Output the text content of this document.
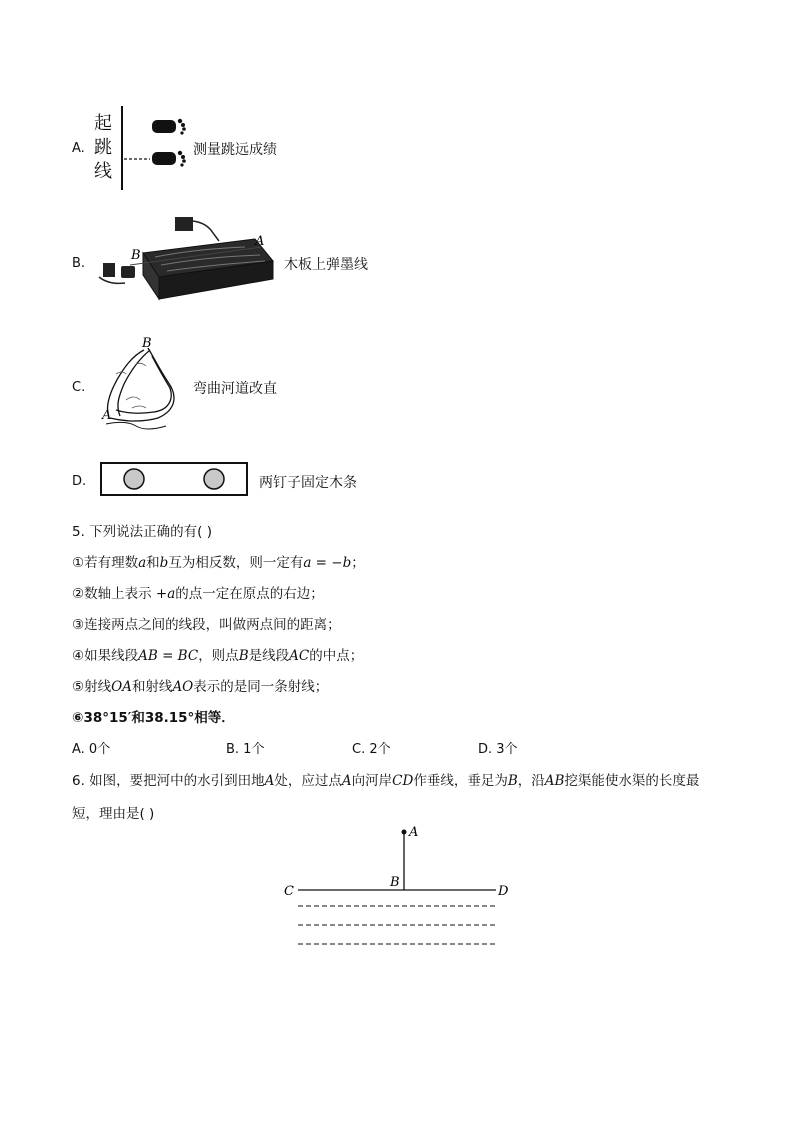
A.
起
跳
线
测量跳远成绩
B.
B
A
木板上弹墨线
C.
B
A
弯曲河道改直
D.	两钉子固定木条
5. 下列说法正确的有( )
①若有理数a和b互为相反数，则一定有a = −b；
②数轴上表示 +a的点一定在原点的右边；
③连接两点之间的线段，叫做两点间的距离；
④如果线段AB = BC，则点B是线段AC的中点；
⑤射线OA和射线AO表示的是同一条射线；
⑥38°15′和38.15°相等．
A. 0个	B. 1个	C. 2个	D. 3个
6. 如图，要把河中的水引到田地A处，应过点A向河岸CD作垂线，垂足为B，沿AB挖渠能使水渠的长度最
短，理由是( )
A
B
C	D
